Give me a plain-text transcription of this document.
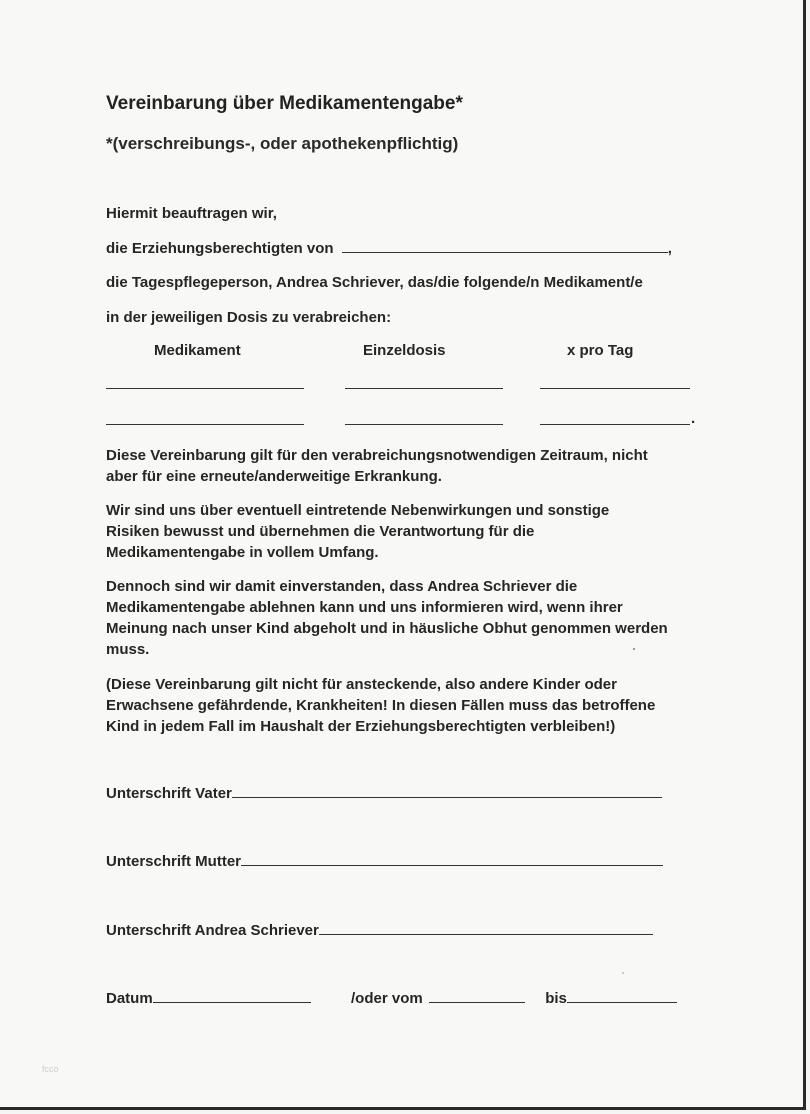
Vereinbarung über Medikamentengabe*
*(verschreibungs-, oder apothekenpflichtig)
Hiermit beauftragen wir,
die Erziehungsberechtigten von	,
die Tagespflegeperson, Andrea Schriever, das/die folgende/n Medikament/e
in der jeweiligen Dosis zu verabreichen:
Medikament	Einzeldosis	x pro Tag
.
Diese Vereinbarung gilt für den verabreichungsnotwendigen Zeitraum, nicht
aber für eine erneute/anderweitige Erkrankung.
Wir sind uns über eventuell eintretende Nebenwirkungen und sonstige
Risiken bewusst und übernehmen die Verantwortung für die
Medikamentengabe in vollem Umfang.
Dennoch sind wir damit einverstanden, dass Andrea Schriever die
Medikamentengabe ablehnen kann und uns informieren wird, wenn ihrer
Meinung nach unser Kind abgeholt und in häusliche Obhut genommen werden
muss.
(Diese Vereinbarung gilt nicht für ansteckende, also andere Kinder oder
Erwachsene gefährdende, Krankheiten! In diesen Fällen muss das betroffene
Kind in jedem Fall im Haushalt der Erziehungsberechtigten verbleiben!)
Unterschrift Vater
Unterschrift Mutter
Unterschrift Andrea Schriever
Datum	/oder vom	bis
fcco
